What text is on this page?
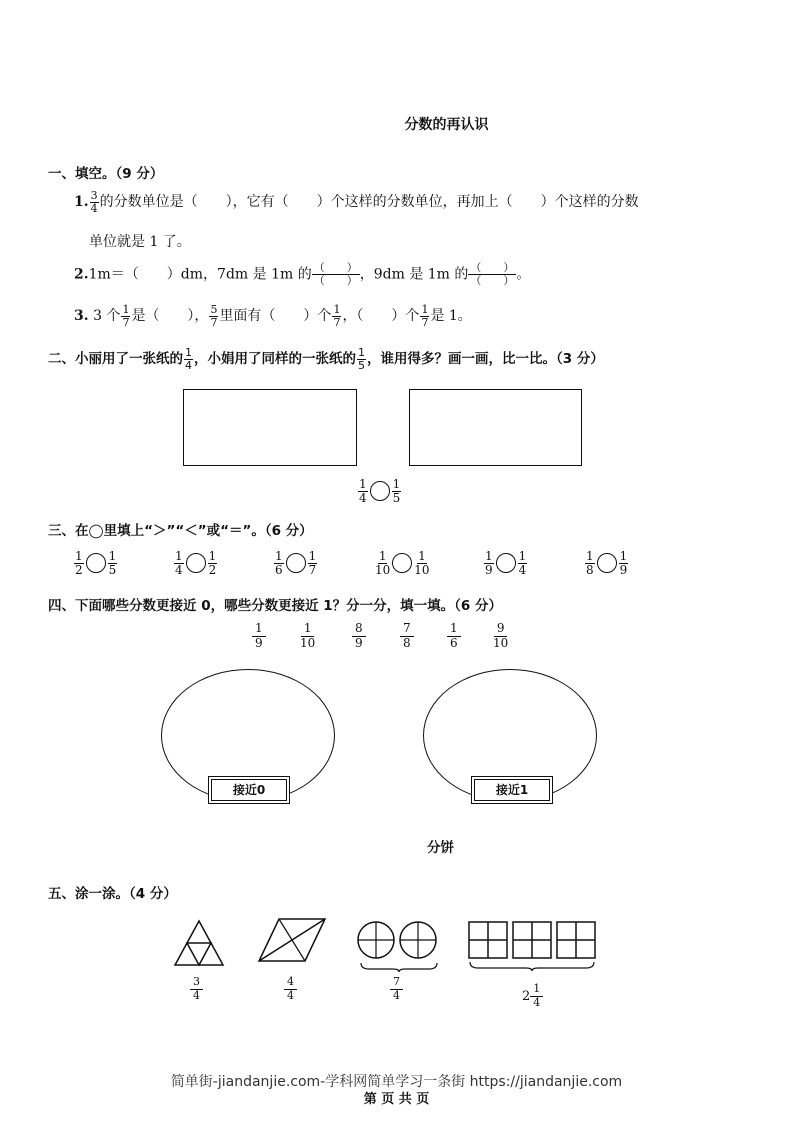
分数的再认识
一、填空。（9 分）
1. $\frac{3}{4}$ 的分数单位是（　　），它有（　　）个这样的分数单位，再加上（　　）个这样的分数
单位就是 1 了。
2.1m＝（　　）dm，7dm 是 1m 的 （　　）
（　　） ，9dm 是 1m 的 （　　）
（　　） 。
3. 3 个 $\frac{1}{7}$ 是（　　）， $\frac{5}{7}$ 里面有（　　）个 $\frac{1}{7}$ ，（　　）个 $\frac{1}{7}$ 是 1。
二、小丽用了一张纸的 $\frac{1}{4}$ ，小娟用了同样的一张纸的 $\frac{1}{5}$ ，谁用得多？画一画，比一比。（3 分）
$\frac{1}{4} \frac{1}{5}$
三、在◯里填上“＞”“＜”或“＝”。（6 分）
$\frac{1}{2} \frac{1}{5}$	$\frac{1}{4} \frac{1}{2}$	$\frac{1}{6} \frac{1}{7}$	$\frac{1}{10} \frac{1}{10}$	$\frac{1}{9} \frac{1}{4}$	$\frac{1}{8} \frac{1}{9}$
四、下面哪些分数更接近 0，哪些分数更接近 1？分一分，填一填。（6 分）
1
9
1
10
8
9
7
8
1
6
9
10
接近0	接近1
分饼
五、涂一涂。（4 分）
3
4
4
4
7
4	2
1
4
简单街-jiandanjie.com-学科网简单学习一条街 https://jiandanjie.com
第 页 共 页
